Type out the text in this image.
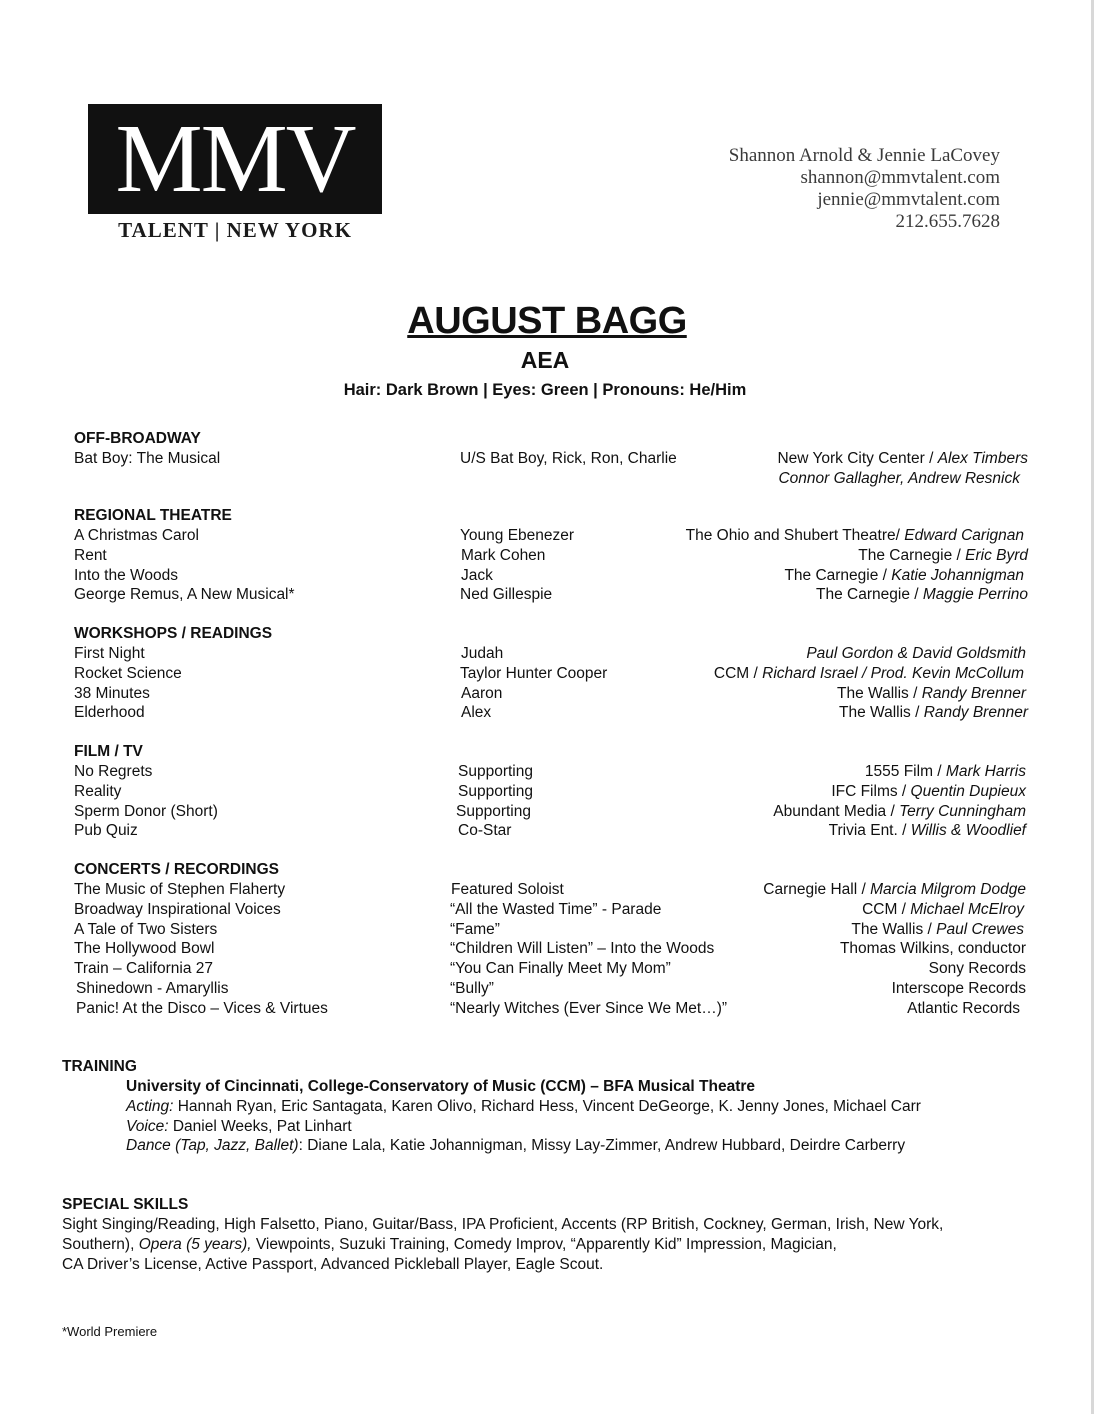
MMV
TALENT | NEW YORK
Shannon Arnold & Jennie LaCovey
shannon@mmvtalent.com
jennie@mmvtalent.com
212.655.7628
AUGUST BAGG
AEA
Hair: Dark Brown | Eyes: Green | Pronouns: He/Him
OFF-BROADWAY
Bat Boy: The Musical	U/S Bat Boy, Rick, Ron, Charlie	New York City Center / Alex Timbers
Connor Gallagher, Andrew Resnick
REGIONAL THEATRE
A Christmas Carol	Young Ebenezer	The Ohio and Shubert Theatre/ Edward Carignan
Rent	Mark Cohen	The Carnegie / Eric Byrd
Into the Woods	Jack	The Carnegie / Katie Johannigman
George Remus, A New Musical*	Ned Gillespie	The Carnegie / Maggie Perrino
WORKSHOPS / READINGS
First Night	Judah	Paul Gordon & David Goldsmith
Rocket Science	Taylor Hunter Cooper	CCM / Richard Israel / Prod. Kevin McCollum
38 Minutes	Aaron	The Wallis / Randy Brenner
Elderhood	Alex	The Wallis / Randy Brenner
FILM / TV
No Regrets	Supporting	1555 Film / Mark Harris
Reality	Supporting	IFC Films / Quentin Dupieux
Sperm Donor (Short)	Supporting	Abundant Media / Terry Cunningham
Pub Quiz	Co-Star	Trivia Ent. / Willis & Woodlief
CONCERTS / RECORDINGS
The Music of Stephen Flaherty	Featured Soloist	Carnegie Hall / Marcia Milgrom Dodge
Broadway Inspirational Voices	“All the Wasted Time” - Parade	CCM / Michael McElroy
A Tale of Two Sisters	“Fame”	The Wallis / Paul Crewes
The Hollywood Bowl	“Children Will Listen” – Into the Woods	Thomas Wilkins, conductor
Train – California 27	“You Can Finally Meet My Mom”	Sony Records
Shinedown - Amaryllis	“Bully”	Interscope Records
Panic! At the Disco – Vices & Virtues	“Nearly Witches (Ever Since We Met…)”	Atlantic Records
TRAINING
University of Cincinnati, College-Conservatory of Music (CCM) – BFA Musical Theatre
Acting: Hannah Ryan, Eric Santagata, Karen Olivo, Richard Hess, Vincent DeGeorge, K. Jenny Jones, Michael Carr
Voice: Daniel Weeks, Pat Linhart
Dance (Tap, Jazz, Ballet): Diane Lala, Katie Johannigman, Missy Lay-Zimmer, Andrew Hubbard, Deirdre Carberry
SPECIAL SKILLS
Sight Singing/Reading, High Falsetto, Piano, Guitar/Bass, IPA Proficient, Accents (RP British, Cockney, German, Irish, New York,
Southern), Opera (5 years), Viewpoints, Suzuki Training, Comedy Improv, “Apparently Kid” Impression, Magician,
CA Driver’s License, Active Passport, Advanced Pickleball Player, Eagle Scout.
*World Premiere
